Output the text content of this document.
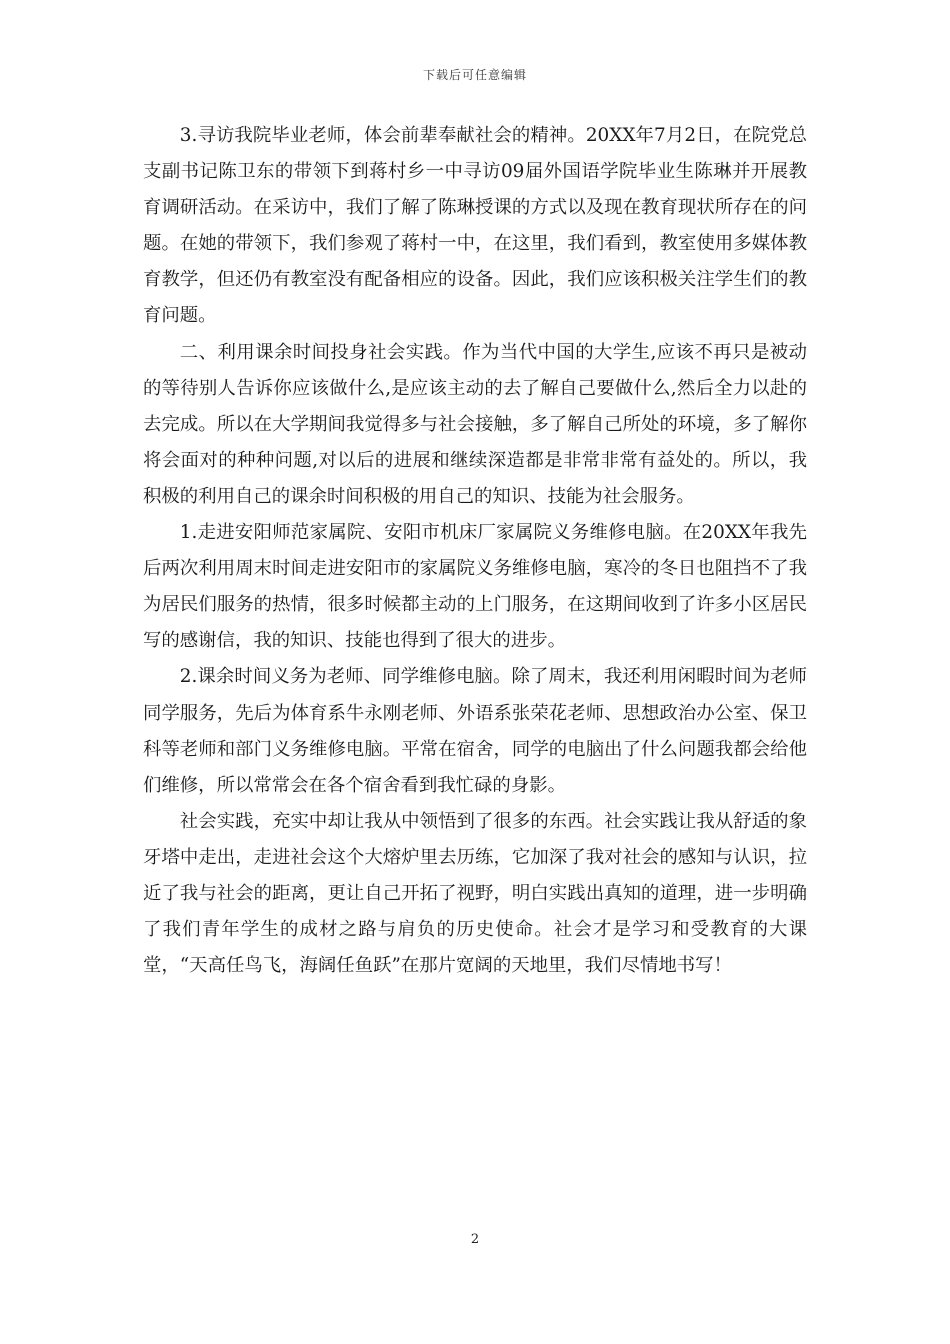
下载后可任意编辑

3.寻访我院毕业老师，体会前辈奉献社会的精神。20XX年7月2日，在院党总支副书记陈卫东的带领下到蒋村乡一中寻访09届外国语学院毕业生陈琳并开展教育调研活动。在采访中，我们了解了陈琳授课的方式以及现在教育现状所存在的问题。在她的带领下，我们参观了蒋村一中，在这里，我们看到，教室使用多媒体教育教学，但还仍有教室没有配备相应的设备。因此，我们应该积极关注学生们的教育问题。

二、利用课余时间投身社会实践。作为当代中国的大学生,应该不再只是被动的等待别人告诉你应该做什么,是应该主动的去了解自己要做什么,然后全力以赴的去完成。所以在大学期间我觉得多与社会接触，多了解自己所处的环境，多了解你将会面对的种种问题,对以后的进展和继续深造都是非常非常有益处的。所以，我积极的利用自己的课余时间积极的用自己的知识、技能为社会服务。

1.走进安阳师范家属院、安阳市机床厂家属院义务维修电脑。在20XX年我先后两次利用周末时间走进安阳市的家属院义务维修电脑，寒冷的冬日也阻挡不了我为居民们服务的热情，很多时候都主动的上门服务，在这期间收到了许多小区居民写的感谢信，我的知识、技能也得到了很大的进步。

2.课余时间义务为老师、同学维修电脑。除了周末，我还利用闲暇时间为老师同学服务，先后为体育系牛永刚老师、外语系张荣花老师、思想政治办公室、保卫科等老师和部门义务维修电脑。平常在宿舍，同学的电脑出了什么问题我都会给他们维修，所以常常会在各个宿舍看到我忙碌的身影。

社会实践，充实中却让我从中领悟到了很多的东西。社会实践让我从舒适的象牙塔中走出，走进社会这个大熔炉里去历练，它加深了我对社会的感知与认识，拉近了我与社会的距离，更让自己开拓了视野，明白实践出真知的道理，进一步明确了我们青年学生的成材之路与肩负的历史使命。社会才是学习和受教育的大课堂，“天高任鸟飞，海阔任鱼跃”在那片宽阔的天地里，我们尽情地书写！

2
